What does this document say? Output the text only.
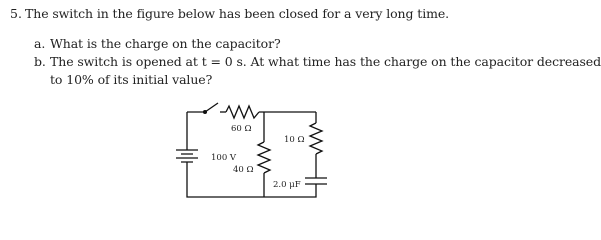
5. The switch in the figure below has been closed for a very long time.
a. What is the charge on the capacitor?
b. The switch is opened at t = 0 s. At what time has the charge on the capacitor decreased
to 10% of its initial value?
60 Ω
10 Ω
100 V
40 Ω
2.0 μF
